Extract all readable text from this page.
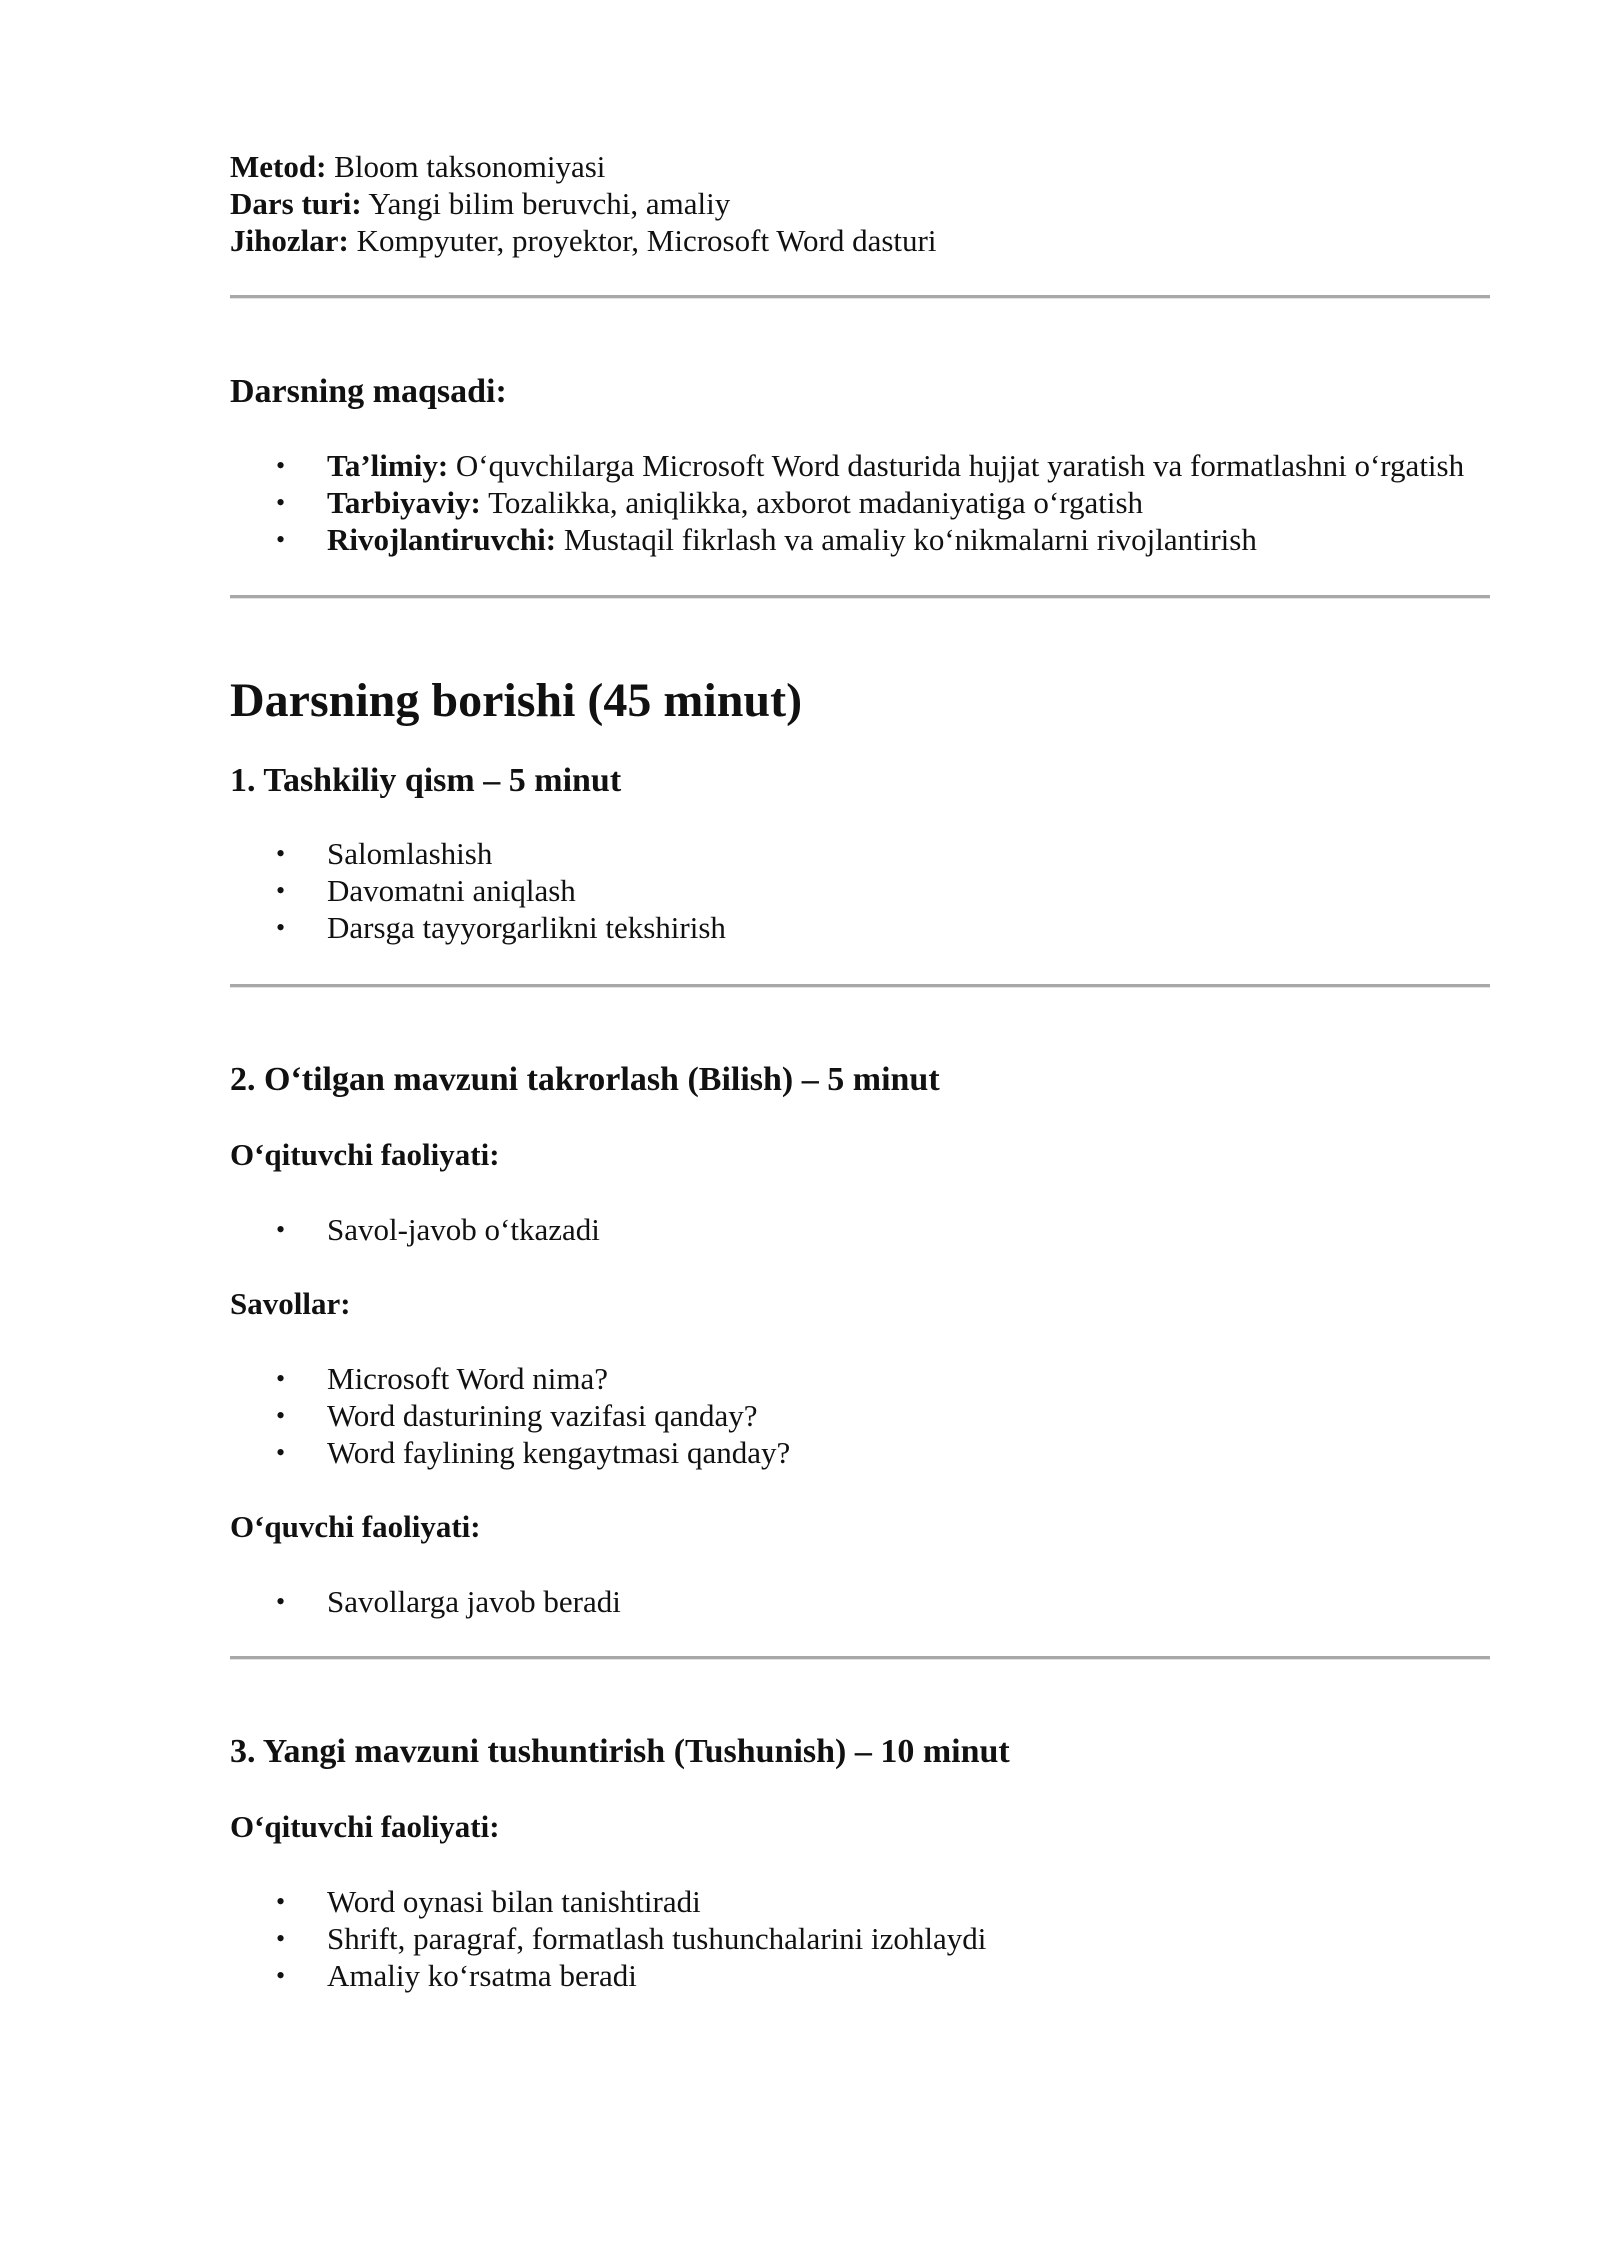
Metod: Bloom taksonomiyasi

Dars turi: Yangi bilim beruvchi, amaliy

Jihozlar: Kompyuter, proyektor, Microsoft Word dasturi

Darsning maqsadi:
• Ta’limiy: O‘quvchilarga Microsoft Word dasturida hujjat yaratish va formatlashni o‘rgatish
• Tarbiyaviy: Tozalikka, aniqlikka, axborot madaniyatiga o‘rgatish
• Rivojlantiruvchi: Mustaqil fikrlash va amaliy ko‘nikmalarni rivojlantirish
Darsning borishi (45 minut)
1. Tashkiliy qism – 5 minut
• Salomlashish
• Davomatni aniqlash
• Darsga tayyorgarlikni tekshirish
2. O‘tilgan mavzuni takrorlash (Bilish) – 5 minut
O‘qituvchi faoliyati:
• Savol-javob o‘tkazadi
Savollar:
• Microsoft Word nima?
• Word dasturining vazifasi qanday?
• Word faylining kengaytmasi qanday?
O‘quvchi faoliyati:
• Savollarga javob beradi
3. Yangi mavzuni tushuntirish (Tushunish) – 10 minut
O‘qituvchi faoliyati:
• Word oynasi bilan tanishtiradi
• Shrift, paragraf, formatlash tushunchalarini izohlaydi
• Amaliy ko‘rsatma beradi
